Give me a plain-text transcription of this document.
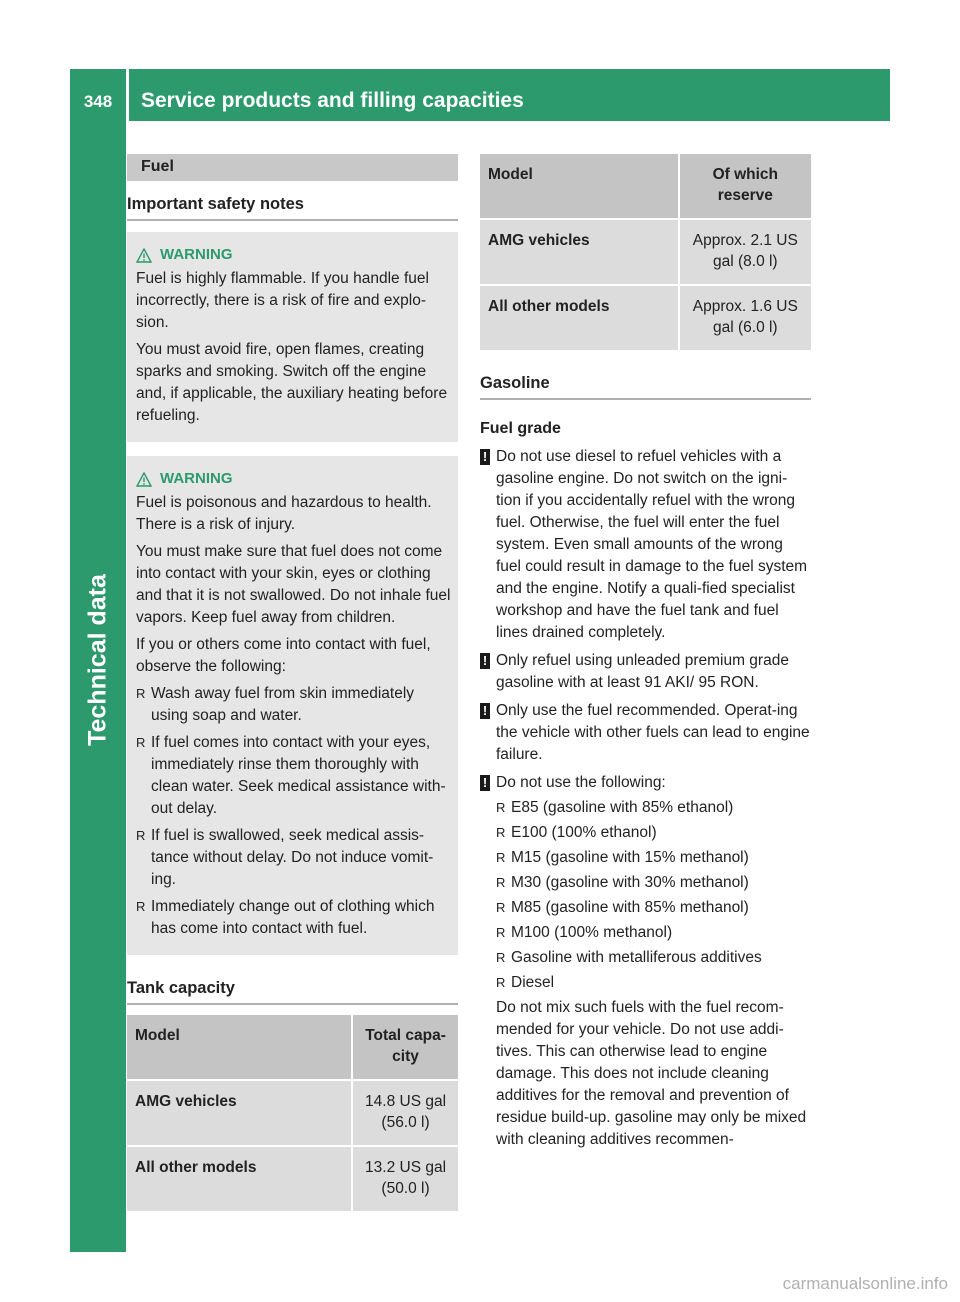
348	Service products and filling capacities
Technical data
Fuel
Important safety notes
WARNING

Fuel is highly flammable. If you handle fuel incorrectly, there is a risk of fire and explo-sion.

You must avoid fire, open flames, creating sparks and smoking. Switch off the engine and, if applicable, the auxiliary heating before refueling.

WARNING

Fuel is poisonous and hazardous to health. There is a risk of injury.

You must make sure that fuel does not come into contact with your skin, eyes or clothing and that it is not swallowed. Do not inhale fuel vapors. Keep fuel away from children.

If you or others come into contact with fuel, observe the following:

R Wash away fuel from skin immediately using soap and water.
R If fuel comes into contact with your eyes, immediately rinse them thoroughly with clean water. Seek medical assistance with-out delay.
R If fuel is swallowed, seek medical assis-tance without delay. Do not induce vomit-ing.
R Immediately change out of clothing which has come into contact with fuel.
Tank capacity
Model	Total capa-city
AMG vehicles	14.8 US gal (56.0 l)
All other models	13.2 US gal (50.0 l)
Model	Of which reserve
AMG vehicles	Approx. 2.1 US gal (8.0 l)
All other models	Approx. 1.6 US gal (6.0 l)
Gasoline
Fuel grade
! Do not use diesel to refuel vehicles with a gasoline engine. Do not switch on the igni-tion if you accidentally refuel with the wrong fuel. Otherwise, the fuel will enter the fuel system. Even small amounts of the wrong fuel could result in damage to the fuel system and the engine. Notify a quali-fied specialist workshop and have the fuel tank and fuel lines drained completely.

! Only refuel using unleaded premium grade gasoline with at least 91 AKI/ 95 RON.

! Only use the fuel recommended. Operat-ing the vehicle with other fuels can lead to engine failure.

! Do not use the following:

R E85 (gasoline with 85% ethanol)
R E100 (100% ethanol)
R M15 (gasoline with 15% methanol)
R M30 (gasoline with 30% methanol)
R M85 (gasoline with 85% methanol)
R M100 (100% methanol)
R Gasoline with metalliferous additives
R Diesel

Do not mix such fuels with the fuel recom-mended for your vehicle. Do not use addi-tives. This can otherwise lead to engine damage. This does not include cleaning additives for the removal and prevention of residue build-up. gasoline may only be mixed with cleaning additives recommen-

carmanualsonline.info
